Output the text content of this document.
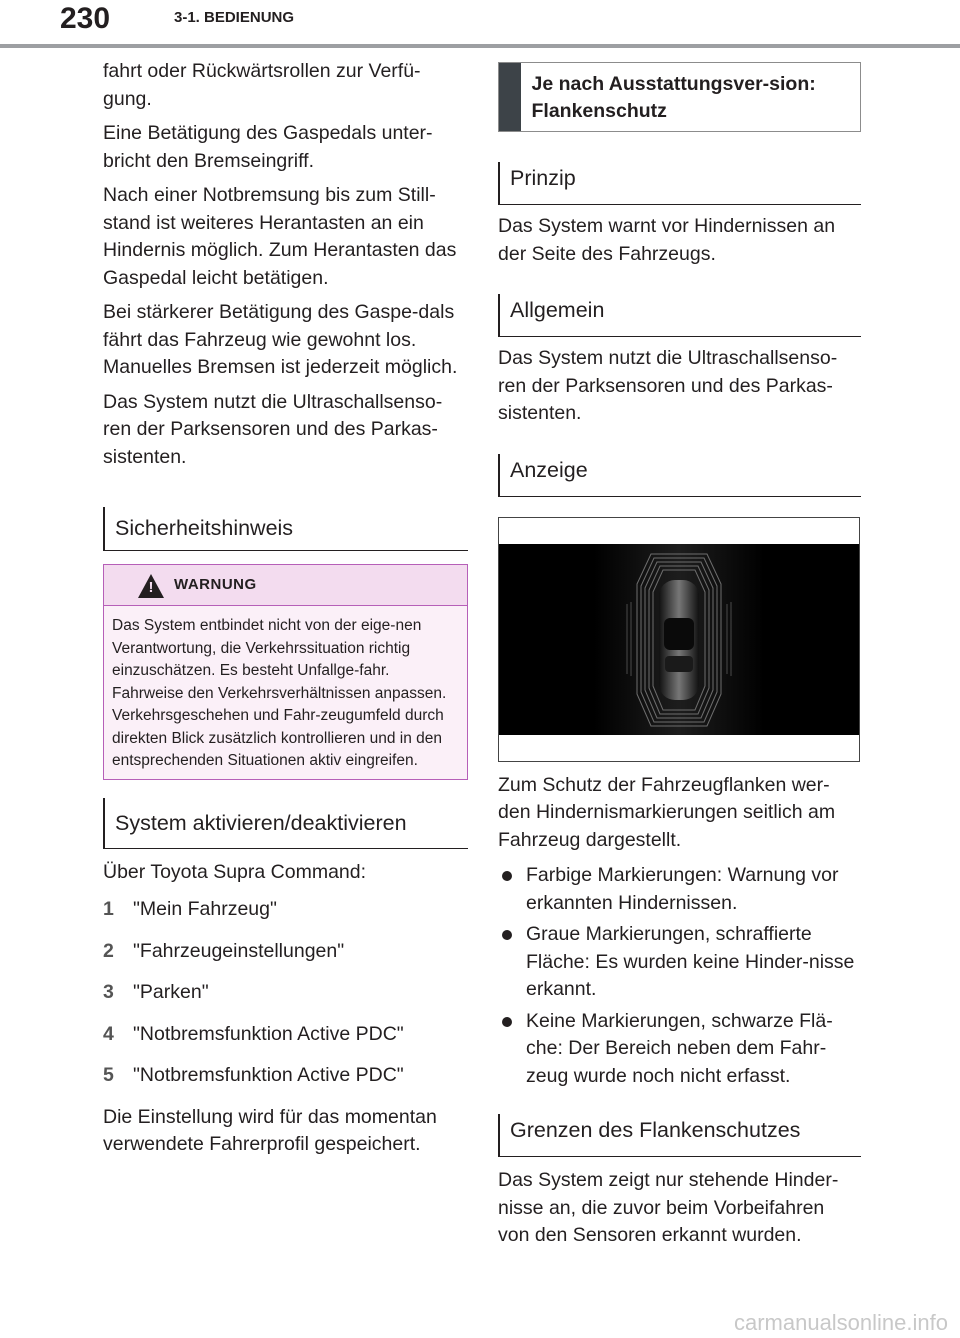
230	3-1. BEDIENUNG

fahrt oder Rückwärtsrollen zur Verfü-gung.

Eine Betätigung des Gaspedals unter-bricht den Bremseingriff.

Nach einer Notbremsung bis zum Still-stand ist weiteres Herantasten an ein Hindernis möglich. Zum Herantasten das Gaspedal leicht betätigen.

Bei stärkerer Betätigung des Gaspe-dals fährt das Fahrzeug wie gewohnt los. Manuelles Bremsen ist jederzeit möglich.

Das System nutzt die Ultraschallsenso-ren der Parksensoren und des Parkas-sistenten.

Sicherheitshinweis
! WARNUNG
Das System entbindet nicht von der eige-nen Verantwortung, die Verkehrssituation richtig einzuschätzen. Es besteht Unfallge-fahr. Fahrweise den Verkehrsverhältnissen anpassen. Verkehrsgeschehen und Fahr-zeugumfeld durch direkten Blick zusätzlich kontrollieren und in den entsprechenden Situationen aktiv eingreifen.
System aktivieren/deaktivieren

Über Toyota Supra Command:

1 "Mein Fahrzeug"
2 "Fahrzeugeinstellungen"
3 "Parken"
4 "Notbremsfunktion Active PDC"
5 "Notbremsfunktion Active PDC"

Die Einstellung wird für das momentan verwendete Fahrerprofil gespeichert.

Je nach Ausstattungsver-sion: Flankenschutz
Prinzip

Das System warnt vor Hindernissen an der Seite des Fahrzeugs.

Allgemein

Das System nutzt die Ultraschallsenso-ren der Parksensoren und des Parkas-sistenten.

Anzeige

Zum Schutz der Fahrzeugflanken wer-den Hindernismarkierungen seitlich am Fahrzeug dargestellt.

Farbige Markierungen: Warnung vor erkannten Hindernissen.
Graue Markierungen, schraffierte Fläche: Es wurden keine Hinder-nisse erkannt.
Keine Markierungen, schwarze Flä-che: Der Bereich neben dem Fahr-zeug wurde noch nicht erfasst.
Grenzen des Flankenschutzes

Das System zeigt nur stehende Hinder-nisse an, die zuvor beim Vorbeifahren von den Sensoren erkannt wurden.

carmanualsonline.info
